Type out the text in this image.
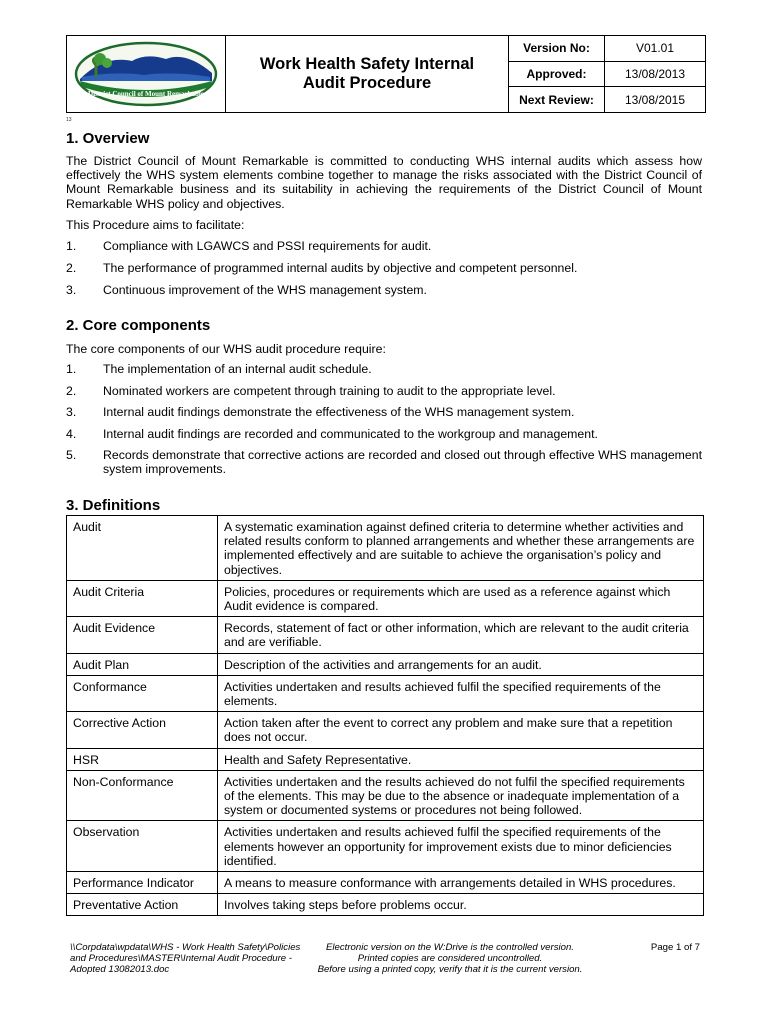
District Council of Mount Remarkable
Work Health Safety Internal
Audit Procedure
Version No:	V01.01
Approved:	13/08/2013
Next Review:	13/08/2015
13
1. Overview

The District Council of Mount Remarkable is committed to conducting WHS internal audits which assess how effectively the WHS system elements combine together to manage the risks associated with the District Council of Mount Remarkable business and its suitability in achieving the requirements of the District Council of Mount Remarkable WHS policy and objectives.

This Procedure aims to facilitate:

1.	Compliance with LGAWCS and PSSI requirements for audit.
2.	The performance of programmed internal audits by objective and competent personnel.
3.	Continuous improvement of the WHS management system.
2. Core components

The core components of our WHS audit procedure require:

1.	The implementation of an internal audit schedule.
2.	Nominated workers are competent through training to audit to the appropriate level.
3.	Internal audit findings demonstrate the effectiveness of the WHS management system.
4.	Internal audit findings are recorded and communicated to the workgroup and management.
5.	Records demonstrate that corrective actions are recorded and closed out through effective WHS management system improvements.
3. Definitions
Audit	A systematic examination against defined criteria to determine whether activities and related results conform to planned arrangements and whether these arrangements are implemented effectively and are suitable to achieve the organisation’s policy and objectives.
Audit Criteria	Policies, procedures or requirements which are used as a reference against which Audit evidence is compared.
Audit Evidence	Records, statement of fact or other information, which are relevant to the audit criteria and are verifiable.
Audit Plan	Description of the activities and arrangements for an audit.
Conformance	Activities undertaken and results achieved fulfil the specified requirements of the elements.
Corrective Action	Action taken after the event to correct any problem and make sure that a repetition does not occur.
HSR	Health and Safety Representative.
Non-Conformance	Activities undertaken and the results achieved do not fulfil the specified requirements of the elements. This may be due to the absence or inadequate implementation of a system or documented systems or procedures not being followed.
Observation	Activities undertaken and results achieved fulfil the specified requirements of the elements however an opportunity for improvement exists due to minor deficiencies identified.
Performance Indicator	A means to measure conformance with arrangements detailed in WHS procedures.
Preventative Action	Involves taking steps before problems occur.
\\Corpdata\wpdata\WHS - Work Health Safety\Policies and Procedures\MASTER\Internal Audit Procedure - Adopted 13082013.doc
Electronic version on the W:Drive is the controlled version.
Printed copies are considered uncontrolled.
Before using a printed copy, verify that it is the current version.
Page 1 of 7
